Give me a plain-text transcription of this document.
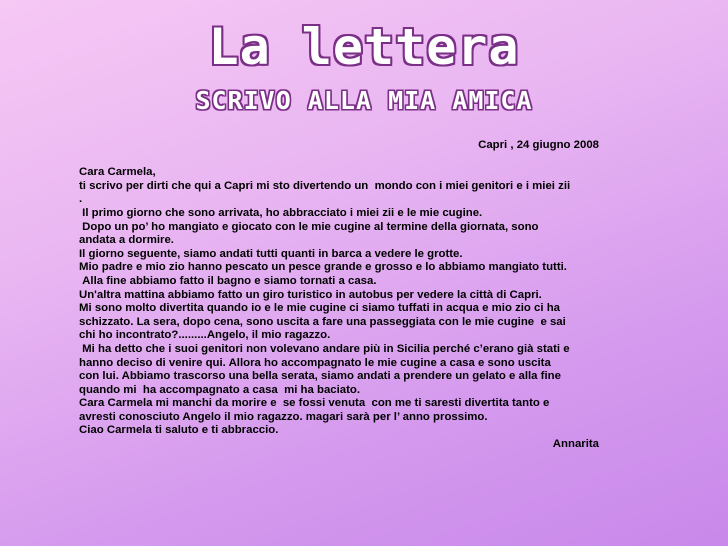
La lettera
SCRIVO ALLA MIA AMICA

Capri , 24 giugno 2008

Cara Carmela,

ti scrivo per dirti che qui a Capri mi sto divertendo un  mondo con i miei genitori e i miei zii

.

Il primo giorno che sono arrivata, ho abbracciato i miei zii e le mie cugine.

Dopo un po’ ho mangiato e giocato con le mie cugine al termine della giornata, sono

andata a dormire.

Il giorno seguente, siamo andati tutti quanti in barca a vedere le grotte.

Mio padre e mio zio hanno pescato un pesce grande e grosso e lo abbiamo mangiato tutti.

Alla fine abbiamo fatto il bagno e siamo tornati a casa.

Un'altra mattina abbiamo fatto un giro turistico in autobus per vedere la città di Capri.

Mi sono molto divertita quando io e le mie cugine ci siamo tuffati in acqua e mio zio ci ha

schizzato. La sera, dopo cena, sono uscita a fare una passeggiata con le mie cugine  e sai

chi ho incontrato?.........Angelo, il mio ragazzo.

Mi ha detto che i suoi genitori non volevano andare più in Sicilia perché c’erano già stati e

hanno deciso di venire qui. Allora ho accompagnato le mie cugine a casa e sono uscita

con lui. Abbiamo trascorso una bella serata, siamo andati a prendere un gelato e alla fine

quando mi  ha accompagnato a casa  mi ha baciato.

Cara Carmela mi manchi da morire e  se fossi venuta  con me ti saresti divertita tanto e

avresti conosciuto Angelo il mio ragazzo. magari sarà per l’ anno prossimo.

Ciao Carmela ti saluto e ti abbraccio.

Annarita
